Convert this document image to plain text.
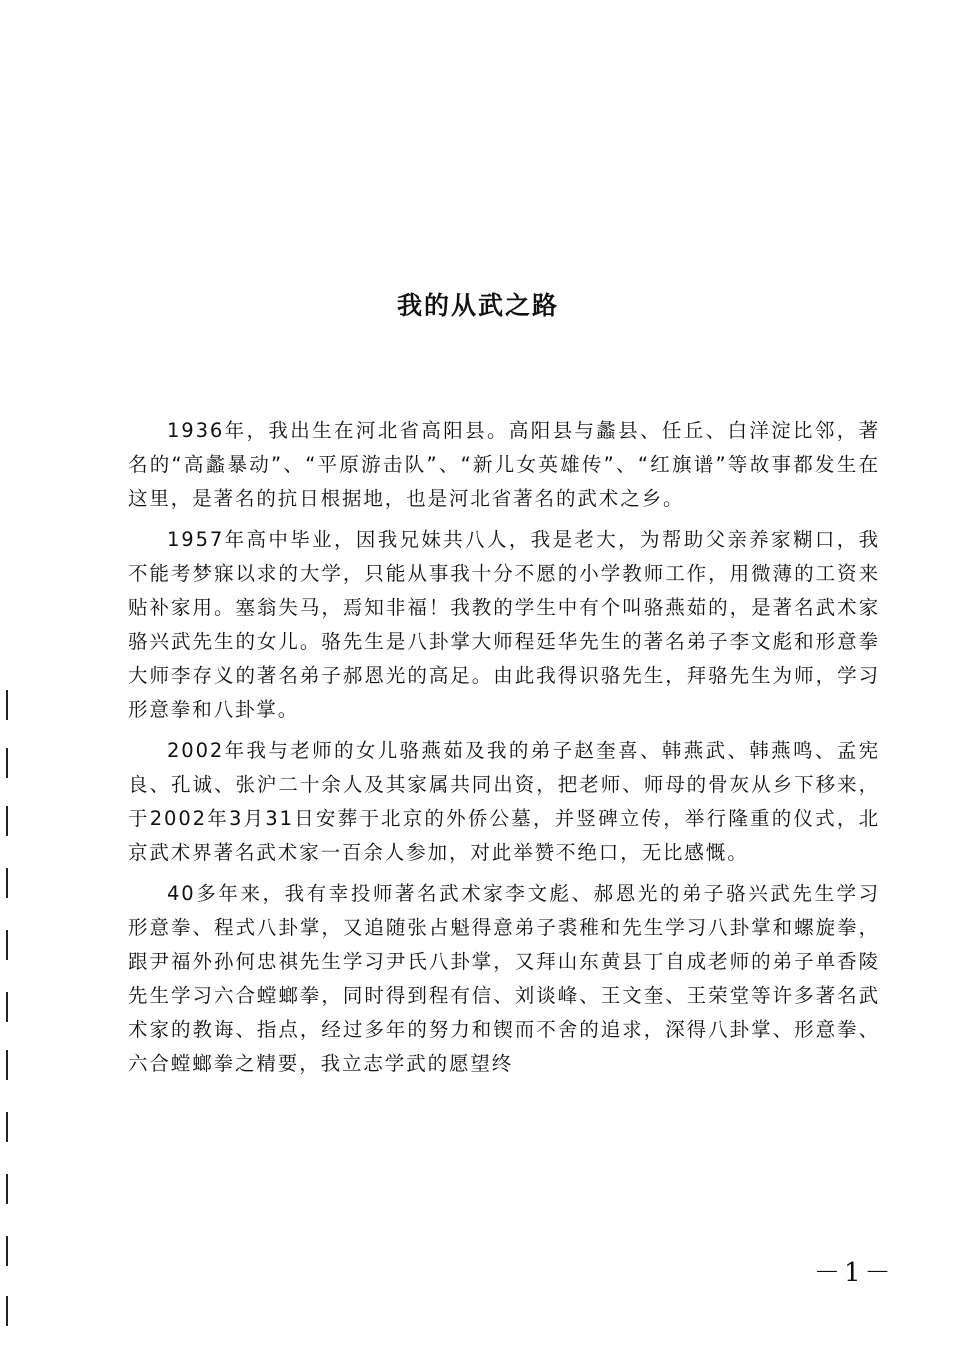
我的从武之路

1936年，我出生在河北省高阳县。高阳县与蠡县、任丘、白洋淀比邻，著名的“高蠡暴动”、“平原游击队”、“新儿女英雄传”、“红旗谱”等故事都发生在这里，是著名的抗日根据地，也是河北省著名的武术之乡。

1957年高中毕业，因我兄妹共八人，我是老大，为帮助父亲养家糊口，我不能考梦寐以求的大学，只能从事我十分不愿的小学教师工作，用微薄的工资来贴补家用。塞翁失马，焉知非福！我教的学生中有个叫骆燕茹的，是著名武术家骆兴武先生的女儿。骆先生是八卦掌大师程廷华先生的著名弟子李文彪和形意拳大师李存义的著名弟子郝恩光的高足。由此我得识骆先生，拜骆先生为师，学习形意拳和八卦掌。

2002年我与老师的女儿骆燕茹及我的弟子赵奎喜、韩燕武、韩燕鸣、孟宪良、孔诚、张沪二十余人及其家属共同出资，把老师、师母的骨灰从乡下移来，于2002年3月31日安葬于北京的外侨公墓，并竖碑立传，举行隆重的仪式，北京武术界著名武术家一百余人参加，对此举赞不绝口，无比感慨。

40多年来，我有幸投师著名武术家李文彪、郝恩光的弟子骆兴武先生学习形意拳、程式八卦掌，又追随张占魁得意弟子裘稚和先生学习八卦掌和螺旋拳，跟尹福外孙何忠祺先生学习尹氏八卦掌，又拜山东黄县丁自成老师的弟子单香陵先生学习六合螳螂拳，同时得到程有信、刘谈峰、王文奎、王荣堂等许多著名武术家的教诲、指点，经过多年的努力和锲而不舍的追求，深得八卦掌、形意拳、六合螳螂拳之精要，我立志学武的愿望终

－1－
